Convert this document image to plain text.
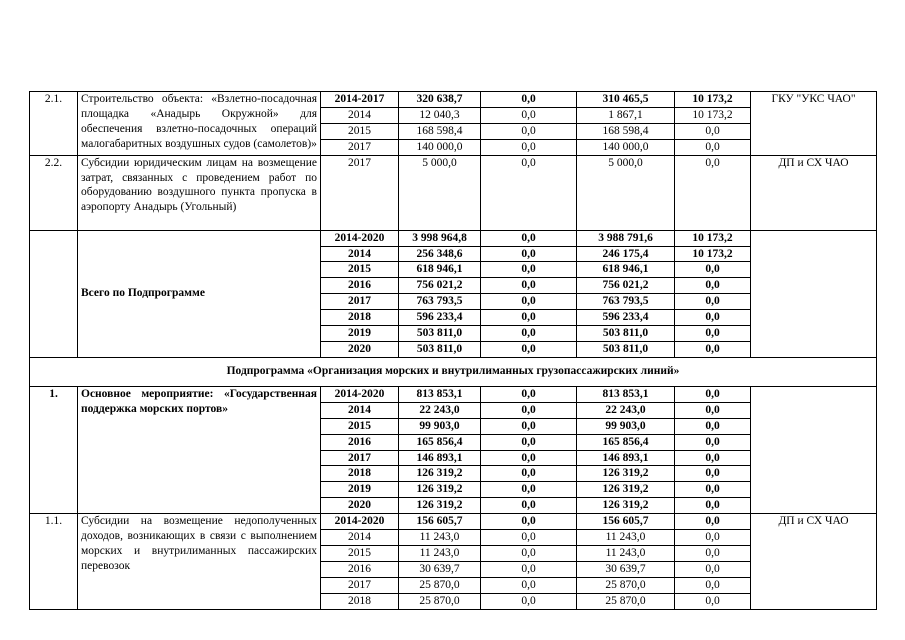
2.1.	Строительство объекта: «Взлетно-посадочная площадка «Анадырь Окружной» для обеспечения взлетно-посадочных операций малогабаритных воздушных судов (самолетов)»	2014-2017	320 638,7	0,0	310 465,5	10 173,2	ГКУ "УКС ЧАО"
		2014	12 040,3	0,0	1 867,1	10 173,2	
		2015	168 598,4	0,0	168 598,4	0,0	
		2017	140 000,0	0,0	140 000,0	0,0	
2.2.	Субсидии юридическим лицам на возмещение затрат, связанных с проведением работ по оборудованию воздушного пункта пропуска в аэропорту Анадырь (Угольный)	2017	5 000,0	0,0	5 000,0	0,0	ДП и СХ ЧАО
	Всего по Подпрограмме	2014-2020	3 998 964,8	0,0	3 988 791,6	10 173,2	
		2014	256 348,6	0,0	246 175,4	10 173,2	
		2015	618 946,1	0,0	618 946,1	0,0	
		2016	756 021,2	0,0	756 021,2	0,0	
		2017	763 793,5	0,0	763 793,5	0,0	
		2018	596 233,4	0,0	596 233,4	0,0	
		2019	503 811,0	0,0	503 811,0	0,0	
		2020	503 811,0	0,0	503 811,0	0,0	
Подпрограмма «Организация морских и внутрилиманных грузопассажирских линий»							
1.	Основное мероприятие: «Государственная поддержка морских портов»	2014-2020	813 853,1	0,0	813 853,1	0,0	
		2014	22 243,0	0,0	22 243,0	0,0	
		2015	99 903,0	0,0	99 903,0	0,0	
		2016	165 856,4	0,0	165 856,4	0,0	
		2017	146 893,1	0,0	146 893,1	0,0	
		2018	126 319,2	0,0	126 319,2	0,0	
		2019	126 319,2	0,0	126 319,2	0,0	
		2020	126 319,2	0,0	126 319,2	0,0	
1.1.	Субсидии на возмещение недополученных доходов, возникающих в связи с выполнением морских и внутрилиманных пассажирских перевозок	2014-2020	156 605,7	0,0	156 605,7	0,0	ДП и СХ ЧАО
		2014	11 243,0	0,0	11 243,0	0,0	
		2015	11 243,0	0,0	11 243,0	0,0	
		2016	30 639,7	0,0	30 639,7	0,0	
		2017	25 870,0	0,0	25 870,0	0,0	
		2018	25 870,0	0,0	25 870,0	0,0	
